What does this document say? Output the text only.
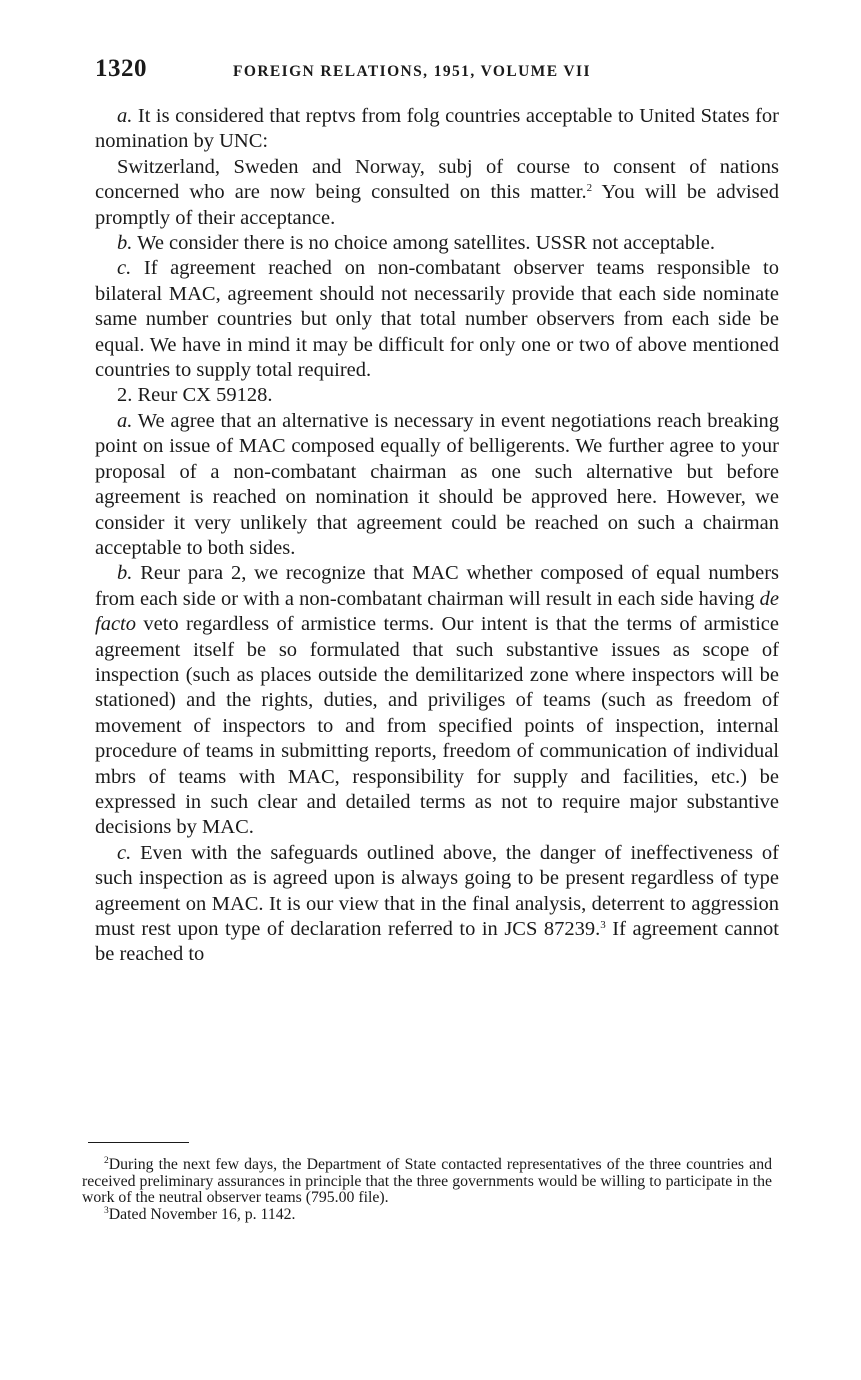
1320	FOREIGN RELATIONS, 1951, VOLUME VII

a. It is considered that reptvs from folg countries acceptable to United States for nomination by UNC:

Switzerland, Sweden and Norway, subj of course to consent of nations concerned who are now being consulted on this matter.$^2$ You will be advised promptly of their acceptance.

b. We consider there is no choice among satellites. USSR not acceptable.

c. If agreement reached on non-combatant observer teams responsible to bilateral MAC, agreement should not necessarily provide that each side nominate same number countries but only that total number observers from each side be equal. We have in mind it may be difficult for only one or two of above mentioned countries to supply total required.

2. Reur CX 59128.

a. We agree that an alternative is necessary in event negotiations reach breaking point on issue of MAC composed equally of belligerents. We further agree to your proposal of a non-combatant chairman as one such alternative but before agreement is reached on nomination it should be approved here. However, we consider it very unlikely that agreement could be reached on such a chairman acceptable to both sides.

b. Reur para 2, we recognize that MAC whether composed of equal numbers from each side or with a non-combatant chairman will result in each side having de facto veto regardless of armistice terms. Our intent is that the terms of armistice agreement itself be so formulated that such substantive issues as scope of inspection (such as places outside the demilitarized zone where inspectors will be stationed) and the rights, duties, and priviliges of teams (such as freedom of movement of inspectors to and from specified points of inspection, internal procedure of teams in submitting reports, freedom of communication of individual mbrs of teams with MAC, responsibility for supply and facilities, etc.) be expressed in such clear and detailed terms as not to require major substantive decisions by MAC.

c. Even with the safeguards outlined above, the danger of ineffectiveness of such inspection as is agreed upon is always going to be present regardless of type agreement on MAC. It is our view that in the final analysis, deterrent to aggression must rest upon type of declaration referred to in JCS 87239.$^3$ If agreement cannot be reached to

$^2$During the next few days, the Department of State contacted representatives of the three countries and received preliminary assurances in principle that the three governments would be willing to participate in the work of the neutral observer teams (795.00 file).

$^3$Dated November 16, p. 1142.
